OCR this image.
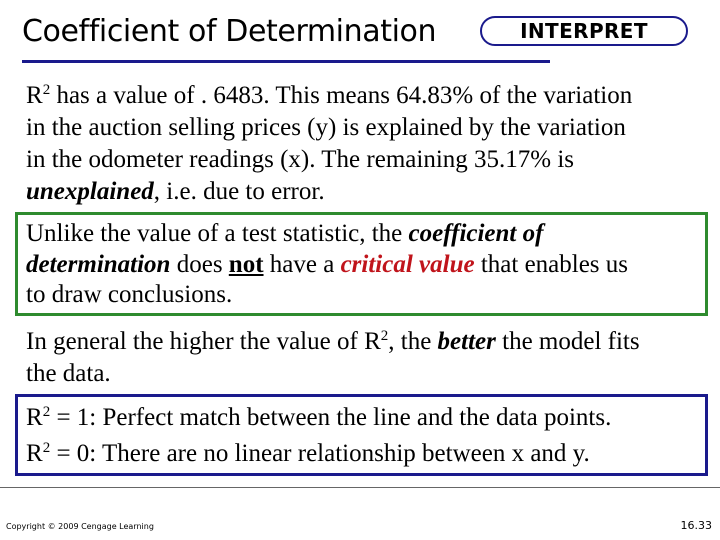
Coefficient of Determination	INTERPRET
$R^2$ has a value of . 6483. This means 64.83% of the variation
in the auction selling prices (y) is explained by the variation
in the odometer readings (x). The remaining 35.17% is
unexplained, i.e. due to error.
Unlike the value of a test statistic, the coefficient of
determination does not have a critical value that enables us
to draw conclusions.
In general the higher the value of $R^2$, the better the model fits
the data.
$R^2 = 1$: Perfect match between the line and the data points.
$R^2 = 0$: There are no linear relationship between x and y.
Copyright © 2009 Cengage Learning	16.33
